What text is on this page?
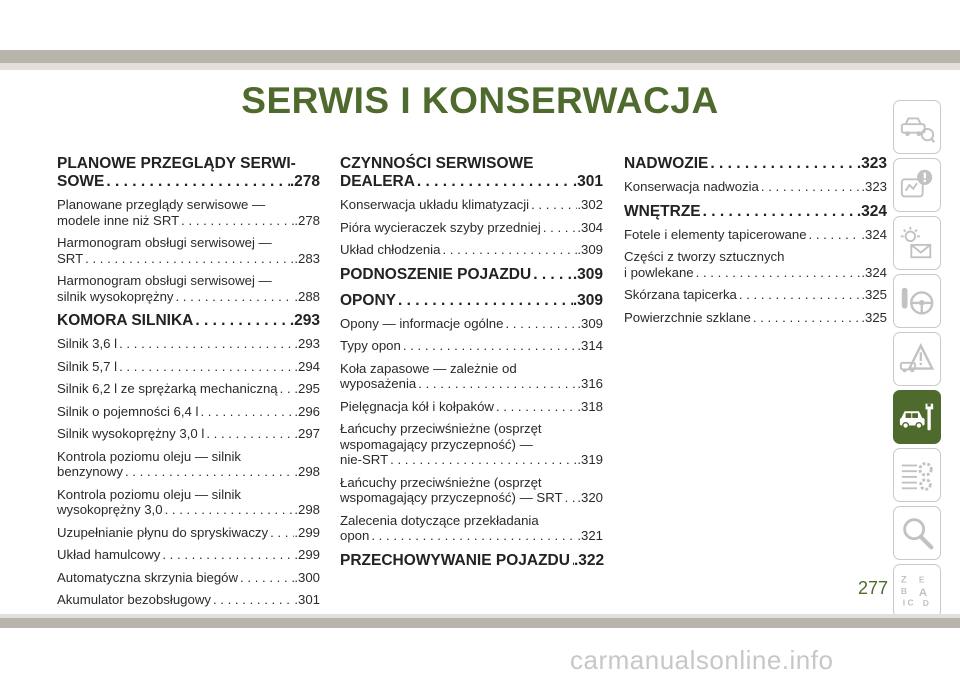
SERWIS I KONSERWACJA
PLANOWE PRZEGLĄDY SERWI-
SOWE . . .	.278
Planowane przeglądy serwisowe —
modele inne niż SRT . . .	.278
Harmonogram obsługi serwisowej —
SRT . . .	.283
Harmonogram obsługi serwisowej —
silnik wysokoprężny . . .	.288
KOMORA SILNIKA . . .	.293
Silnik 3,6 l . . .	.293
Silnik 5,7 l . . .	.294
Silnik 6,2 l ze sprężarką mechaniczną . . . .295
Silnik o pojemności 6,4 l . . .	.296
Silnik wysokoprężny 3,0 l . . .	.297
Kontrola poziomu oleju — silnik
benzynowy . . .	.298
Kontrola poziomu oleju — silnik
wysokoprężny 3,0 . . .	.298
Uzupełnianie płynu do spryskiwaczy . . . .299
Układ hamulcowy . . .	.299
Automatyczna skrzynia biegów . . .	.300
Akumulator bezobsługowy . . .	.301
CZYNNOŚCI SERWISOWE
DEALERA . . .	.301
Konserwacja układu klimatyzacji . . .	.302
Pióra wycieraczek szyby przedniej . . .	.304
Układ chłodzenia . . .	.309
PODNOSZENIE POJAZDU . . .	.309
OPONY . . .	.309
Opony — informacje ogólne . . .	.309
Typy opon . . .	.314
Koła zapasowe — zależnie od
wyposażenia . . .	.316
Pielęgnacja kół i kołpaków . . .	.318
Łańcuchy przeciwśnieżne (osprzęt
wspomagający przyczepność) —
nie-SRT . . .	.319
Łańcuchy przeciwśnieżne (osprzęt
wspomagający przyczepność) — SRT . . . .320
Zalecenia dotyczące przekładania
opon . . .	.321
PRZECHOWYWANIE POJAZDU . . . .322
NADWOZIE . . .	.323
Konserwacja nadwozia . . .	.323
WNĘTRZE . . .	.324
Fotele i elementy tapicerowane . . .	.324
Części z tworzy sztucznych
i powlekane . . .	.324
Skórzana tapicerka . . .	.325
Powierzchnie szklane . . .	.325
Z E
B A
I C D
277
carmanualsonline.info
